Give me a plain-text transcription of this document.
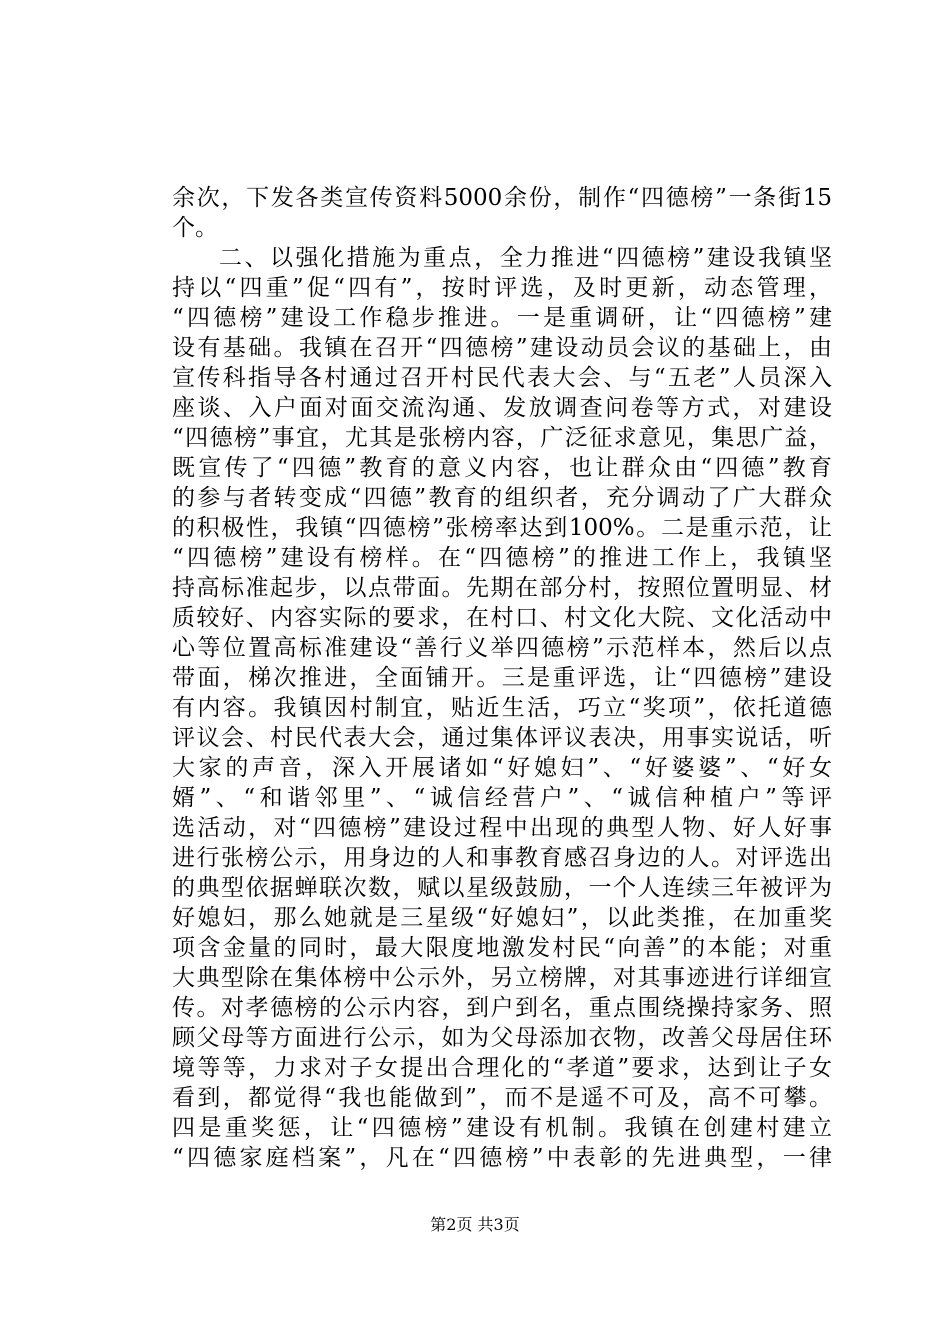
余次，下发各类宣传资料5000余份，制作“四德榜”一条街15
个。
二、以强化措施为重点，全力推进“四德榜”建设我镇坚
持以“四重”促“四有”，按时评选，及时更新，动态管理，
“四德榜”建设工作稳步推进。一是重调研，让“四德榜”建
设有基础。我镇在召开“四德榜”建设动员会议的基础上，由
宣传科指导各村通过召开村民代表大会、与“五老”人员深入
座谈、入户面对面交流沟通、发放调查问卷等方式，对建设
“四德榜”事宜，尤其是张榜内容，广泛征求意见，集思广益，
既宣传了“四德”教育的意义内容，也让群众由“四德”教育
的参与者转变成“四德”教育的组织者，充分调动了广大群众
的积极性，我镇“四德榜”张榜率达到100%。二是重示范，让
“四德榜”建设有榜样。在“四德榜”的推进工作上，我镇坚
持高标准起步，以点带面。先期在部分村，按照位置明显、材
质较好、内容实际的要求，在村口、村文化大院、文化活动中
心等位置高标准建设“善行义举四德榜”示范样本，然后以点
带面，梯次推进，全面铺开。三是重评选，让“四德榜”建设
有内容。我镇因村制宜，贴近生活，巧立“奖项”，依托道德
评议会、村民代表大会，通过集体评议表决，用事实说话，听
大家的声音，深入开展诸如“好媳妇”、“好婆婆”、“好女
婿”、“和谐邻里”、“诚信经营户”、“诚信种植户”等评
选活动，对“四德榜”建设过程中出现的典型人物、好人好事
进行张榜公示，用身边的人和事教育感召身边的人。对评选出
的典型依据蝉联次数，赋以星级鼓励，一个人连续三年被评为
好媳妇，那么她就是三星级“好媳妇”，以此类推，在加重奖
项含金量的同时，最大限度地激发村民“向善”的本能；对重
大典型除在集体榜中公示外，另立榜牌，对其事迹进行详细宣
传。对孝德榜的公示内容，到户到名，重点围绕操持家务、照
顾父母等方面进行公示，如为父母添加衣物，改善父母居住环
境等等，力求对子女提出合理化的“孝道”要求，达到让子女
看到，都觉得“我也能做到”，而不是遥不可及，高不可攀。
四是重奖惩，让“四德榜”建设有机制。我镇在创建村建立
“四德家庭档案”，凡在“四德榜”中表彰的先进典型，一律
第2页 共3页
